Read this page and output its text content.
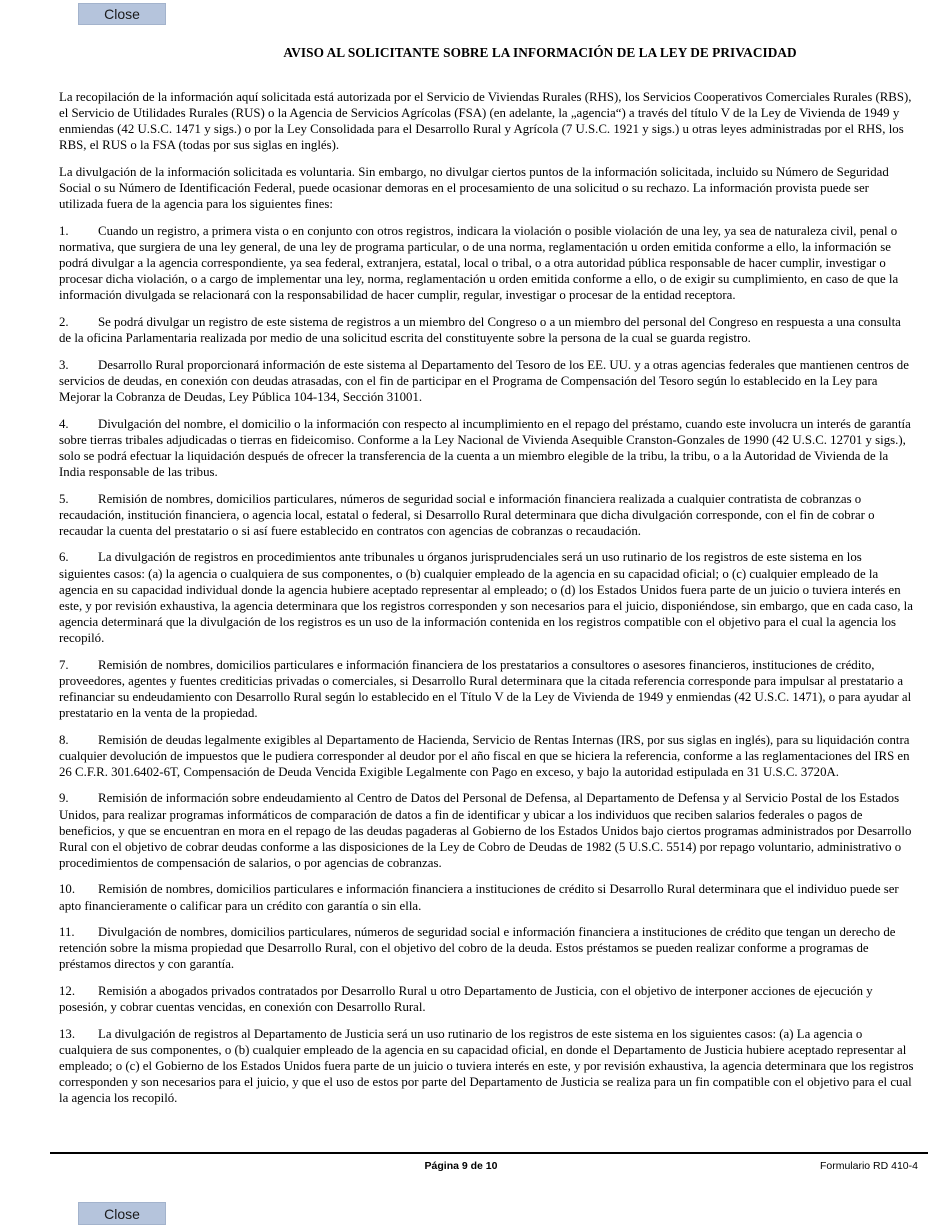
Close
AVISO AL SOLICITANTE SOBRE LA INFORMACIÓN DE LA LEY DE PRIVACIDAD

La recopilación de la información aquí solicitada está autorizada por el Servicio de Viviendas Rurales (RHS), los Servicios Cooperativos Comerciales Rurales (RBS), el Servicio de Utilidades Rurales (RUS) o la Agencia de Servicios Agrícolas (FSA) (en adelante, la „agencia“) a través del título V de la Ley de Vivienda de 1949 y enmiendas (42 U.S.C. 1471 y sigs.) o por la Ley Consolidada para el Desarrollo Rural y Agrícola (7 U.S.C. 1921 y sigs.) u otras leyes administradas por el RHS, los RBS, el RUS o la FSA (todas por sus siglas en inglés).

La divulgación de la información solicitada es voluntaria. Sin embargo, no divulgar ciertos puntos de la información solicitada, incluido su Número de Seguridad Social o su Número de Identificación Federal, puede ocasionar demoras en el procesamiento de una solicitud o su rechazo. La información provista puede ser utilizada fuera de la agencia para los siguientes fines:

1. Cuando un registro, a primera vista o en conjunto con otros registros, indicara la violación o posible violación de una ley, ya sea de naturaleza civil, penal o normativa, que surgiera de una ley general, de una ley de programa particular, o de una norma, reglamentación u orden emitida conforme a ello, la información se podrá divulgar a la agencia correspondiente, ya sea federal, extranjera, estatal, local o tribal, o a otra autoridad pública responsable de hacer cumplir, investigar o procesar dicha violación, o a cargo de implementar una ley, norma, reglamentación u orden emitida conforme a ello, o de exigir su cumplimiento, en caso de que la información divulgada se relacionará con la responsabilidad de hacer cumplir, regular, investigar o procesar de la entidad receptora.

2. Se podrá divulgar un registro de este sistema de registros a un miembro del Congreso o a un miembro del personal del Congreso en respuesta a una consulta de la oficina Parlamentaria realizada por medio de una solicitud escrita del constituyente sobre la persona de la cual se guarda registro.

3. Desarrollo Rural proporcionará información de este sistema al Departamento del Tesoro de los EE. UU. y a otras agencias federales que mantienen centros de servicios de deudas, en conexión con deudas atrasadas, con el fin de participar en el Programa de Compensación del Tesoro según lo establecido en la Ley para Mejorar la Cobranza de Deudas, Ley Pública 104-134, Sección 31001.

4. Divulgación del nombre, el domicilio o la información con respecto al incumplimiento en el repago del préstamo, cuando este involucra un interés de garantía sobre tierras tribales adjudicadas o tierras en fideicomiso. Conforme a la Ley Nacional de Vivienda Asequible Cranston-Gonzales de 1990 (42 U.S.C. 12701 y sigs.), solo se podrá efectuar la liquidación después de ofrecer la transferencia de la cuenta a un miembro elegible de la tribu, la tribu, o a la Autoridad de Vivienda de la India responsable de las tribus.

5. Remisión de nombres, domicilios particulares, números de seguridad social e información financiera realizada a cualquier contratista de cobranzas o recaudación, institución financiera, o agencia local, estatal o federal, si Desarrollo Rural determinara que dicha divulgación corresponde, con el fin de cobrar o recaudar la cuenta del prestatario o si así fuere establecido en contratos con agencias de cobranzas o recaudación.

6. La divulgación de registros en procedimientos ante tribunales u órganos jurisprudenciales será un uso rutinario de los registros de este sistema en los siguientes casos: (a) la agencia o cualquiera de sus componentes, o (b) cualquier empleado de la agencia en su capacidad oficial; o (c) cualquier empleado de la agencia en su capacidad individual donde la agencia hubiere aceptado representar al empleado; o (d) los Estados Unidos fuera parte de un juicio o tuviera interés en este, y por revisión exhaustiva, la agencia determinara que los registros corresponden y son necesarios para el juicio, disponiéndose, sin embargo, que en cada caso, la agencia determinará que la divulgación de los registros es un uso de la información contenida en los registros compatible con el objetivo para el cual la agencia los recopiló.

7. Remisión de nombres, domicilios particulares e información financiera de los prestatarios a consultores o asesores financieros, instituciones de crédito, proveedores, agentes y fuentes crediticias privadas o comerciales, si Desarrollo Rural determinara que la citada referencia corresponde para impulsar al prestatario a refinanciar su endeudamiento con Desarrollo Rural según lo establecido en el Título V de la Ley de Vivienda de 1949 y enmiendas (42 U.S.C. 1471), o para ayudar al prestatario en la venta de la propiedad.

8. Remisión de deudas legalmente exigibles al Departamento de Hacienda, Servicio de Rentas Internas (IRS, por sus siglas en inglés), para su liquidación contra cualquier devolución de impuestos que le pudiera corresponder al deudor por el año fiscal en que se hiciera la referencia, conforme a las reglamentaciones del IRS en 26 C.F.R. 301.6402-6T, Compensación de Deuda Vencida Exigible Legalmente con Pago en exceso, y bajo la autoridad estipulada en 31 U.S.C. 3720A.

9. Remisión de información sobre endeudamiento al Centro de Datos del Personal de Defensa, al Departamento de Defensa y al Servicio Postal de los Estados Unidos, para realizar programas informáticos de comparación de datos a fin de identificar y ubicar a los individuos que reciben salarios federales o pagos de beneficios, y que se encuentran en mora en el repago de las deudas pagaderas al Gobierno de los Estados Unidos bajo ciertos programas administrados por Desarrollo Rural con el objetivo de cobrar deudas conforme a las disposiciones de la Ley de Cobro de Deudas de 1982 (5 U.S.C. 5514) por repago voluntario, administrativo o procedimientos de compensación de salarios, o por agencias de cobranzas.

10. Remisión de nombres, domicilios particulares e información financiera a instituciones de crédito si Desarrollo Rural determinara que el individuo puede ser apto financieramente o calificar para un crédito con garantía o sin ella.

11. Divulgación de nombres, domicilios particulares, números de seguridad social e información financiera a instituciones de crédito que tengan un derecho de retención sobre la misma propiedad que Desarrollo Rural, con el objetivo del cobro de la deuda. Estos préstamos se pueden realizar conforme a programas de préstamos directos y con garantía.

12. Remisión a abogados privados contratados por Desarrollo Rural u otro Departamento de Justicia, con el objetivo de interponer acciones de ejecución y posesión, y cobrar cuentas vencidas, en conexión con Desarrollo Rural.

13. La divulgación de registros al Departamento de Justicia será un uso rutinario de los registros de este sistema en los siguientes casos: (a) La agencia o cualquiera de sus componentes, o (b) cualquier empleado de la agencia en su capacidad oficial, en donde el Departamento de Justicia hubiere aceptado representar al empleado; o (c) el Gobierno de los Estados Unidos fuera parte de un juicio o tuviera interés en este, y por revisión exhaustiva, la agencia determinara que los registros corresponden y son necesarios para el juicio, y que el uso de estos por parte del Departamento de Justicia se realiza para un fin compatible con el objetivo para el cual la agencia los recopiló.

Página 9 de 10	Formulario RD 410-4
Close
